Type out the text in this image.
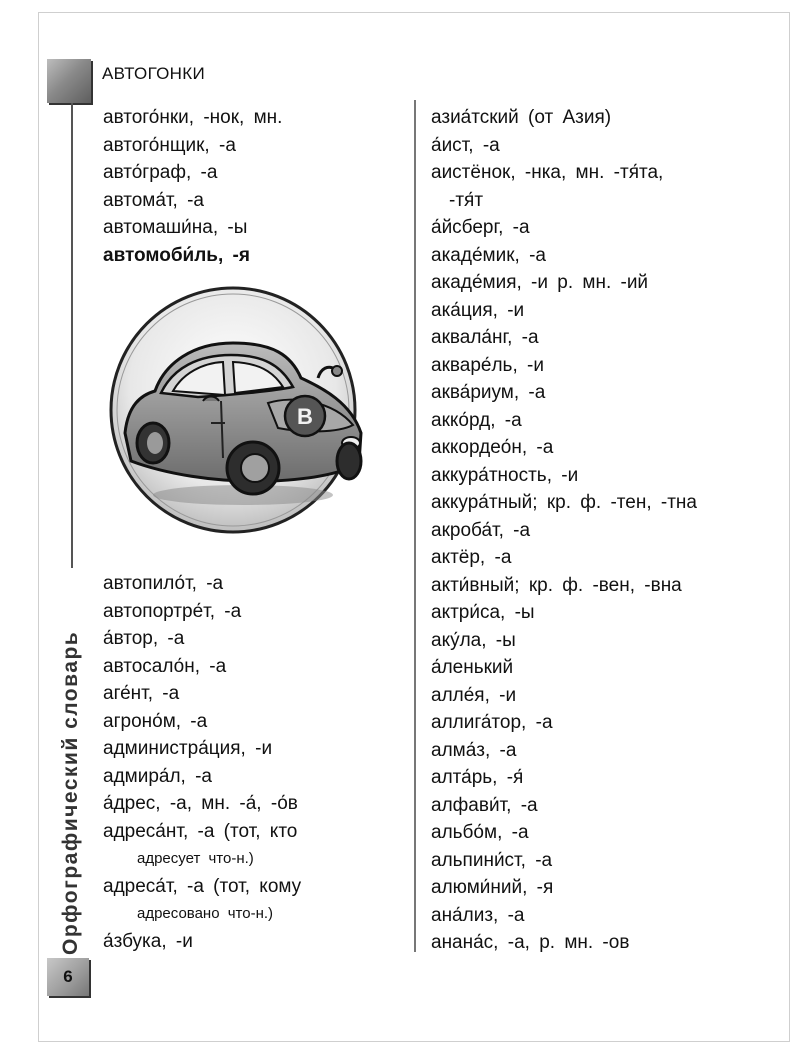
АВТОГОНКИ
Орфографический словарь
6
автого́нки, -нок, мн.
автого́нщик, -а
авто́граф, -а
автома́т, -а
автомаши́на, -ы
автомоби́ль, -я
В
автопило́т, -а
автопортре́т, -а
а́втор, -а
автосало́н, -а
аге́нт, -а
агроно́м, -а
администра́ция, -и
адмира́л, -а
а́дрес, -а, мн. -а́, -о́в
адреса́нт, -а (тот, кто
адресует что-н.)
адреса́т, -а (тот, кому
адресовано что-н.)
а́збука, -и
азиа́тский (от Азия)
а́ист, -а
аистёнок, -нка, мн. -тя́та,
-тя́т
а́йсберг, -а
акаде́мик, -а
акаде́мия, -и р. мн. -ий
ака́ция, -и
аквала́нг, -а
акваре́ль, -и
аква́риум, -а
акко́рд, -а
аккордео́н, -а
аккура́тность, -и
аккура́тный; кр. ф. -тен, -тна
акроба́т, -а
актёр, -а
акти́вный; кр. ф. -вен, -вна
актри́са, -ы
аку́ла, -ы
а́ленький
алле́я, -и
аллига́тор, -а
алма́з, -а
алта́рь, -я́
алфави́т, -а
альбо́м, -а
альпини́ст, -а
алюми́ний, -я
ана́лиз, -а
анана́с, -а, р. мн. -ов
